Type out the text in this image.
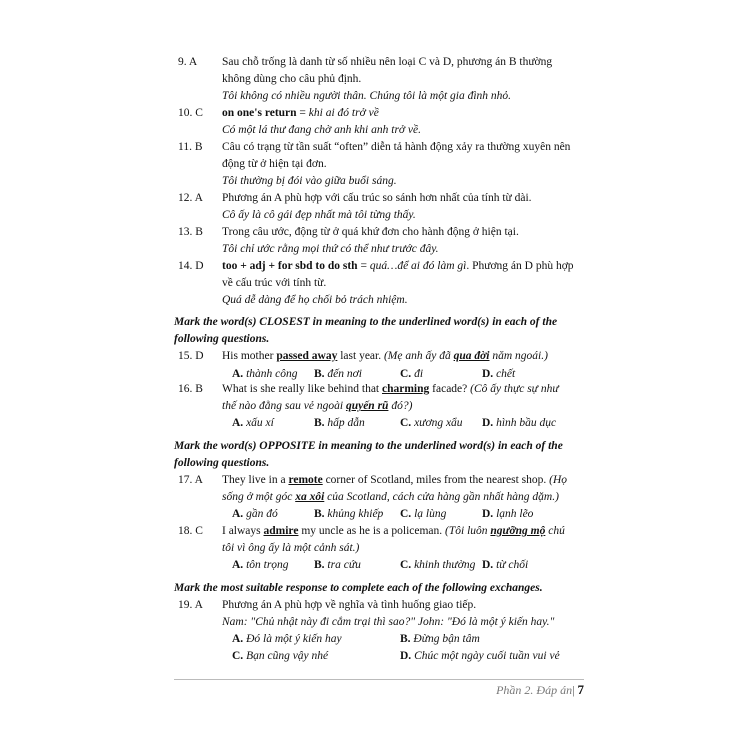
9. A	Sau chỗ trống là danh từ số nhiều nên loại C và D, phương án B thường
không dùng cho câu phủ định.
Tôi không có nhiều người thân. Chúng tôi là một gia đình nhỏ.
10. C	on one's return = khi ai đó trở về
Có một lá thư đang chờ anh khi anh trở về.
11. B	Câu có trạng từ tần suất “often” diễn tả hành động xảy ra thường xuyên nên
động từ ở hiện tại đơn.
Tôi thường bị đói vào giữa buổi sáng.
12. A	Phương án A phù hợp với cấu trúc so sánh hơn nhất của tính từ dài.
Cô ấy là cô gái đẹp nhất mà tôi từng thấy.
13. B	Trong câu ước, động từ ở quá khứ đơn cho hành động ở hiện tại.
Tôi chỉ ước rằng mọi thứ có thể như trước đây.
14. D	too + adj + for sbd to do sth = quá…để ai đó làm gì. Phương án D phù hợp
về cấu trúc với tính từ.
Quá dễ dàng để họ chối bỏ trách nhiệm.
Mark the word(s) CLOSEST in meaning to the underlined word(s) in each of the
following questions.
15. D	His mother passed away last year. (Mẹ anh ấy đã qua đời năm ngoái.)
A. thành công B. đến nơi	C. đi	D. chết
16. B	What is she really like behind that charming facade? (Cô ấy thực sự như
thế nào đằng sau vẻ ngoài quyến rũ đó?)
A. xấu xí	B. hấp dẫn	C. xương xẩu D. hình bầu dục
Mark the word(s) OPPOSITE in meaning to the underlined word(s) in each of the
following questions.
17. A	They live in a remote corner of Scotland, miles from the nearest shop. (Họ
sống ở một góc xa xôi của Scotland, cách cửa hàng gần nhất hàng dặm.)
A. gần đó	B. khủng khiếp C. lạ lùng	D. lạnh lẽo
18. C	I always admire my uncle as he is a policeman. (Tôi luôn ngưỡng mộ chú
tôi vì ông ấy là một cảnh sát.)
A. tôn trọng B. tra cứu	C. khinh thường D. từ chối
Mark the most suitable response to complete each of the following exchanges.
19. A	Phương án A phù hợp về nghĩa và tình huống giao tiếp.
Nam: "Chủ nhật này đi cắm trại thì sao?" John: "Đó là một ý kiến hay."
A. Đó là một ý kiến hay	B. Đừng bận tâm
C. Bạn cũng vậy nhé	D. Chúc một ngày cuối tuần vui vẻ
Phần 2. Đáp án| 7
